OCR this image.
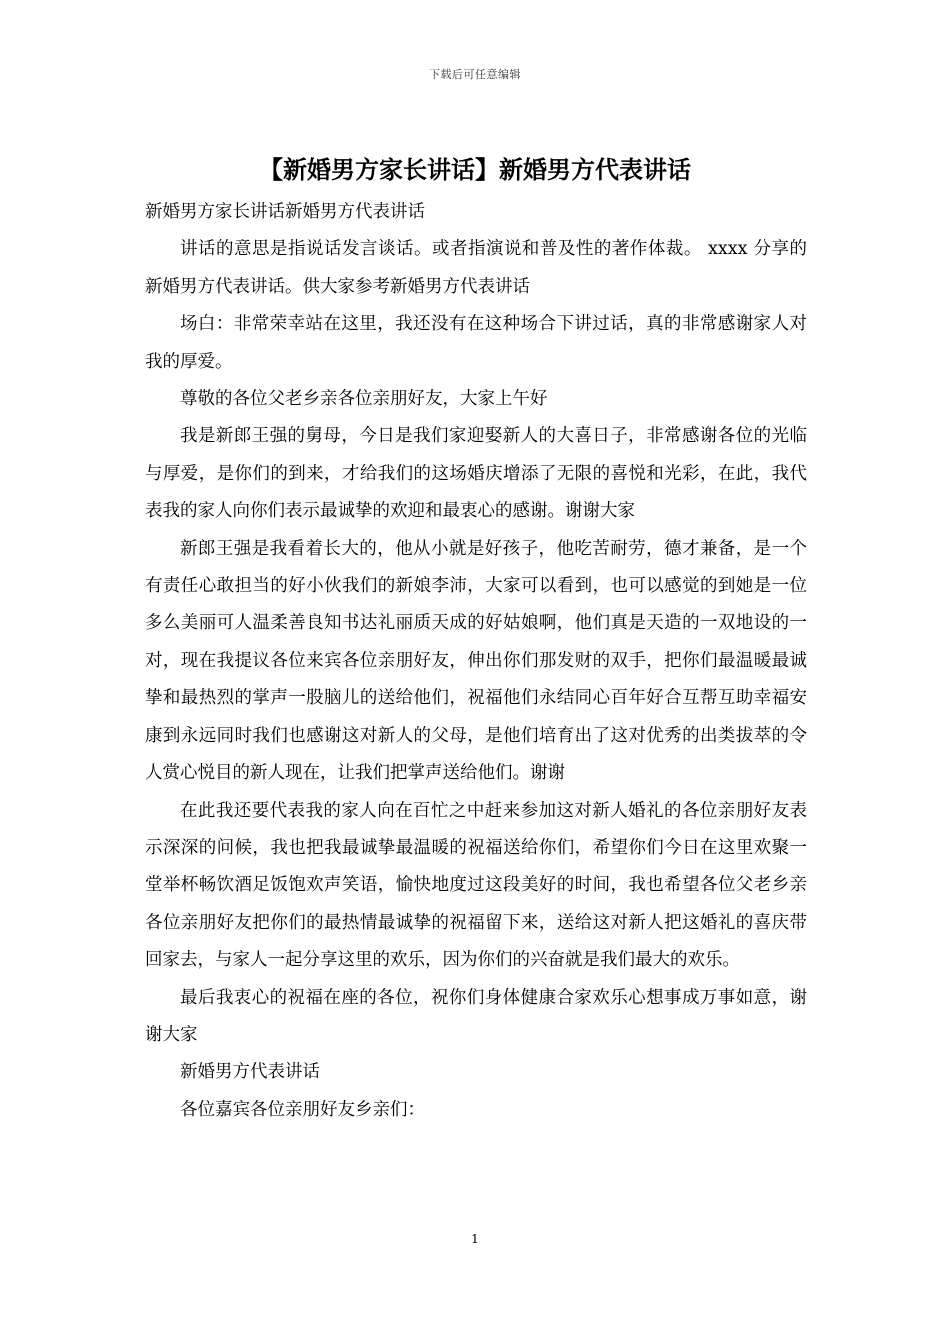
下载后可任意编辑
【新婚男方家长讲话】新婚男方代表讲话

新婚男方家长讲话新婚男方代表讲话

讲话的意思是指说话发言谈话。或者指演说和普及性的著作体裁。 xxxx 分享的新婚男方代表讲话。供大家参考新婚男方代表讲话

场白：非常荣幸站在这里，我还没有在这种场合下讲过话，真的非常感谢家人对我的厚爱。

尊敬的各位父老乡亲各位亲朋好友，大家上午好

我是新郎王强的舅母，今日是我们家迎娶新人的大喜日子，非常感谢各位的光临与厚爱，是你们的到来，才给我们的这场婚庆增添了无限的喜悦和光彩，在此，我代表我的家人向你们表示最诚挚的欢迎和最衷心的感谢。谢谢大家

新郎王强是我看着长大的，他从小就是好孩子，他吃苦耐劳，德才兼备，是一个有责任心敢担当的好小伙我们的新娘李沛，大家可以看到，也可以感觉的到她是一位多么美丽可人温柔善良知书达礼丽质天成的好姑娘啊，他们真是天造的一双地设的一对，现在我提议各位来宾各位亲朋好友，伸出你们那发财的双手，把你们最温暖最诚挚和最热烈的掌声一股脑儿的送给他们，祝福他们永结同心百年好合互帮互助幸福安康到永远同时我们也感谢这对新人的父母，是他们培育出了这对优秀的出类拔萃的令人赏心悦目的新人现在，让我们把掌声送给他们。谢谢

在此我还要代表我的家人向在百忙之中赶来参加这对新人婚礼的各位亲朋好友表示深深的问候，我也把我最诚挚最温暖的祝福送给你们，希望你们今日在这里欢聚一堂举杯畅饮酒足饭饱欢声笑语，愉快地度过这段美好的时间，我也希望各位父老乡亲各位亲朋好友把你们的最热情最诚挚的祝福留下来，送给这对新人把这婚礼的喜庆带回家去，与家人一起分享这里的欢乐，因为你们的兴奋就是我们最大的欢乐。

最后我衷心的祝福在座的各位，祝你们身体健康合家欢乐心想事成万事如意，谢谢大家

新婚男方代表讲话

各位嘉宾各位亲朋好友乡亲们：

1
